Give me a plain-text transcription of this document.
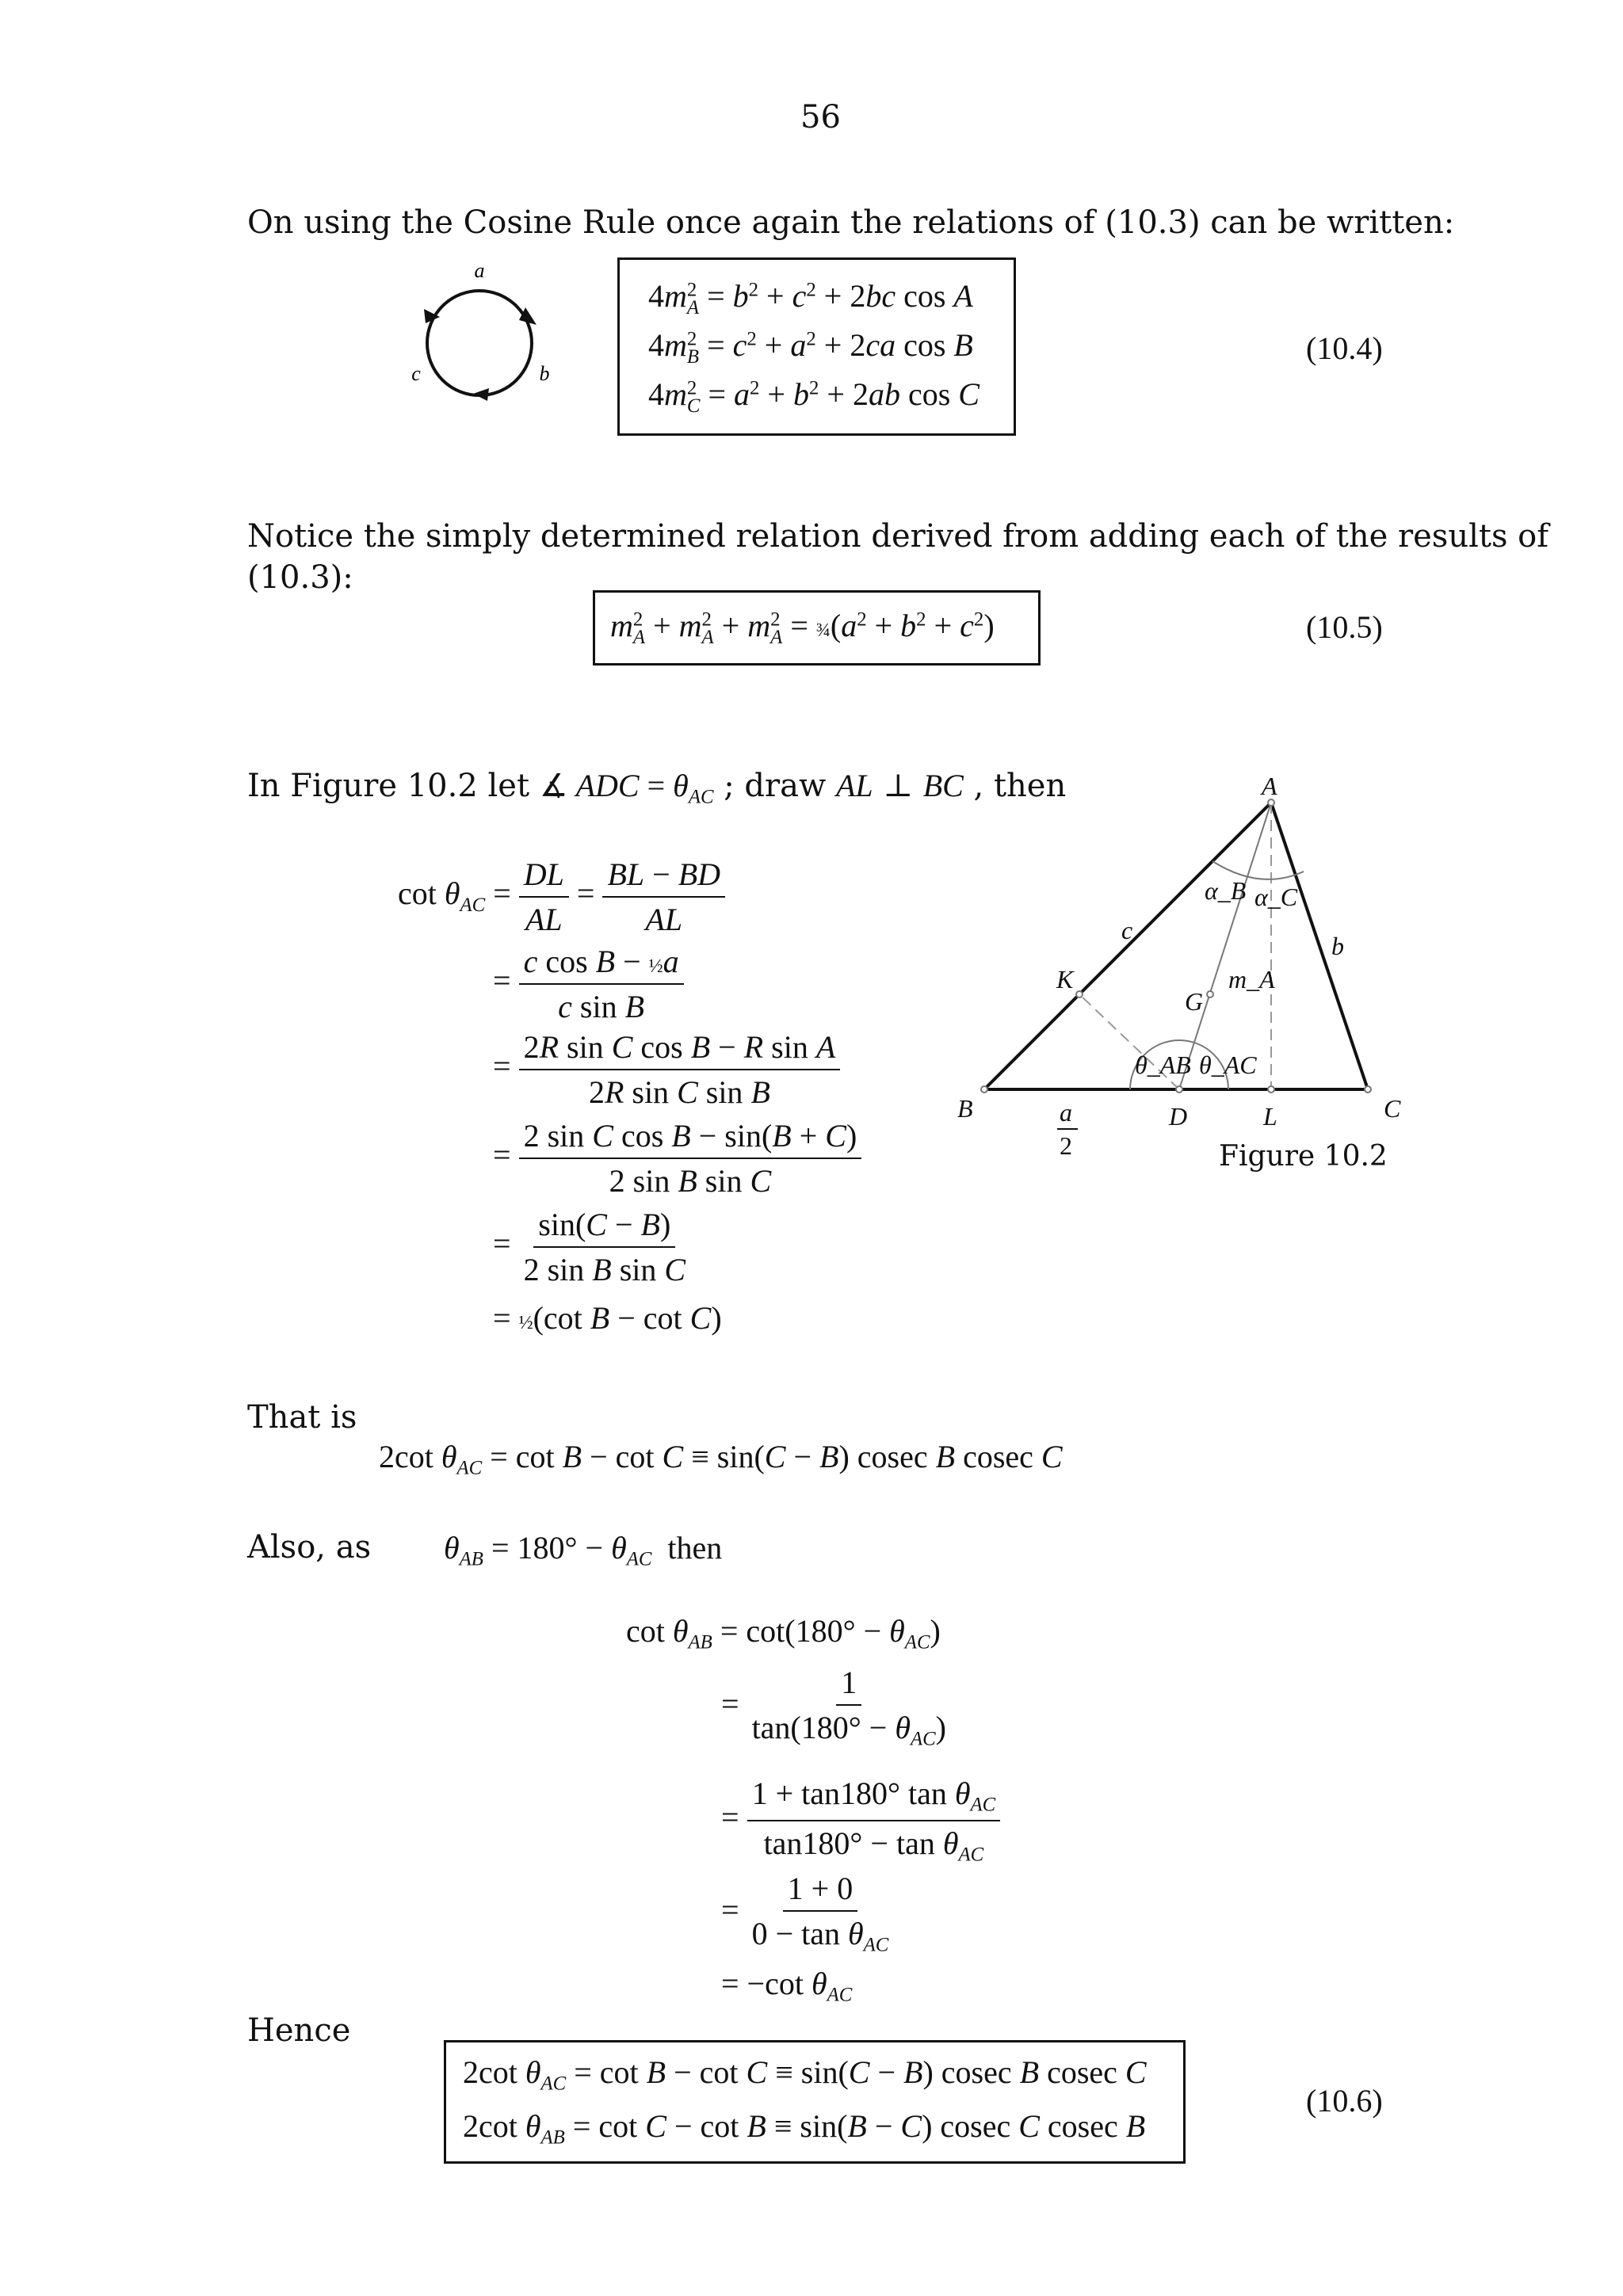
56
On using the Cosine Rule once again the relations of (10.3) can be written:
a
c	b
$4m^2_A = b^2 + c^2 + 2bc$ cos A
$4m^2_B = c^2 + a^2 + 2ca$ cos B
$4m^2_C = a^2 + b^2 + 2ab$ cos C
(10.4)
Notice the simply determined relation derived from adding each of the results of
(10.3):
$m^2_A + m^2_A + m^2_A$ = $\frac{3}{4}(a^2 + b^2 + c^2)$	(10.5)
In Figure 10.2 let ∡ ADC = $\theta_{AC}$ ; draw AL ⊥ BC , then
$\cot \theta_{AC} = \frac{DL}{AL} = \frac{BL - BD}{AL}$
= $\frac{\text{c cos B − ½a}}{\text{c sin B}}$
= $\frac{\text{2R sin C cos B − R sin A}}{\text{2R sin C sin B}}$
= $\frac{\text{2 sin C cos B − sin(B + C)}}{\text{2 sin B sin C}}$
= $\frac{\sin(C - B)}{\text{2 sin B sin C}}$
= ½(cot B − cot C)
A
B	C
D	L
K
G
b
c
m_A
α_B α_C
θ_AB θ_AC
a
2	Figure 10.2
That is
2cot $\theta_{AC} = \cot B - \cot C \equiv \sin(C - B)$ cosec B cosec C
Also, as $\theta_{AB} = 180^\circ - \theta_{AC}$  then
$\cot \theta_{AB} = \cot(180^\circ - \theta_{AC})$
= $\frac{1}{\tan(180^\circ - \theta_{AC})}$
= $\frac{1 + \tan 180^\circ \tan \theta_{AC}}{\tan 180^\circ - \tan \theta_{AC}}$
= $\frac{1 + 0}{0 - \tan \theta_{AC}}$
= −cot $\theta_{AC}$
Hence
2cot $\theta_{AC} = \cot B - \cot C \equiv \sin(C - B)$ cosec B cosec C
2cot $\theta_{AB} = \cot C - \cot B \equiv \sin(B - C)$ cosec C cosec B
(10.6)
